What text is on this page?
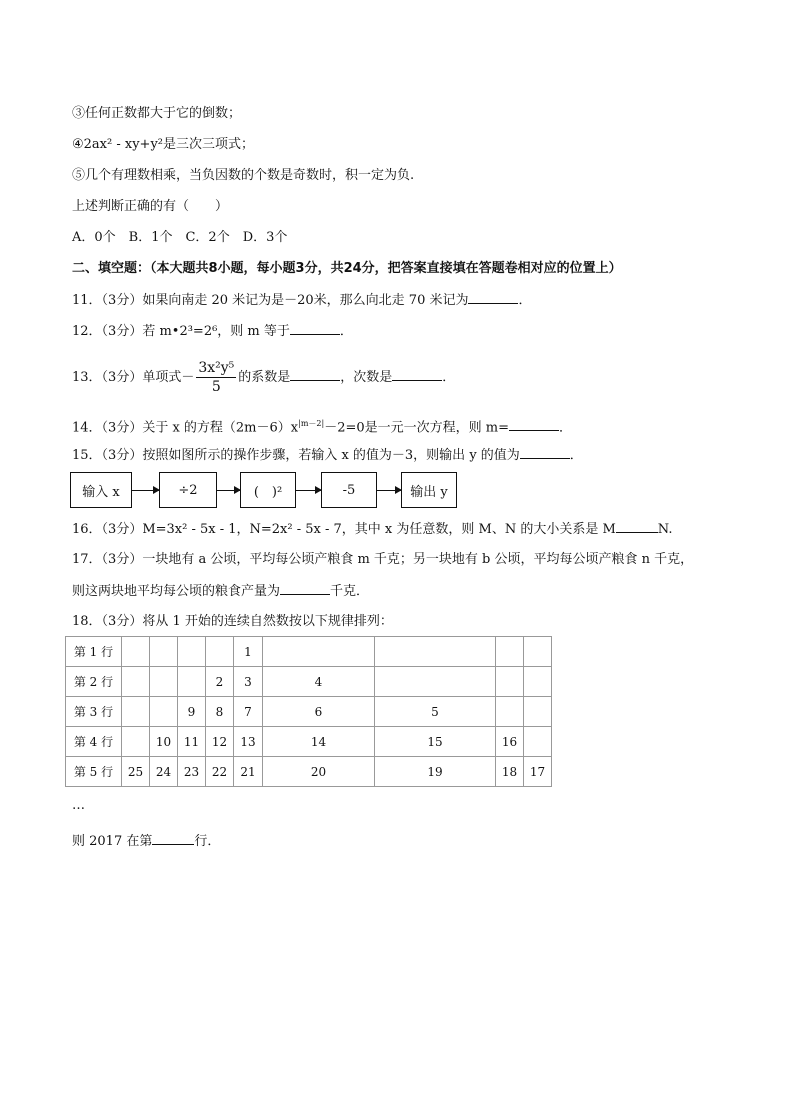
③任何正数都大于它的倒数；
④2ax² - xy+y²是三次三项式；
⑤几个有理数相乘，当负因数的个数是奇数时，积一定为负.
上述判断正确的有（　　）
A．0个　B．1个　C．2个　D．3个
二、填空题：（本大题共8小题，每小题3分，共24分，把答案直接填在答题卷相对应的位置上）
11．（3分）如果向南走 20 米记为是－20米，那么向北走 70 米记为	．
12．（3分）若 m•2³=2⁶，则 m 等于	．
13．（3分）单项式－ $\frac{\text{3x²y⁵}}{5}$ 的系数是	，次数是	．
14．（3分）关于 x 的方程$(2m-6)x^{|m-2|}-2=0$是一元一次方程，则 m=	．
15．（3分）按照如图所示的操作步骤，若输入 x 的值为－3，则输出 y 的值为	．
输入 x	÷2	(　)²	-5	输出 y
16．（3分）M=3x² - 5x - 1，N=2x² - 5x - 7，其中 x 为任意数，则 M、N 的大小关系是 M	N.
17．（3分）一块地有 a 公顷，平均每公顷产粮食 m 千克；另一块地有 b 公顷，平均每公顷产粮食 n 千克，
则这两块地平均每公顷的粮食产量为	千克．
18．（3分）将从 1 开始的连续自然数按以下规律排列：
第 1 行					1				
第 2 行				2	3	4			
第 3 行			9	8	7	6	5		
第 4 行		10	11	12	13	14	15	16	
第 5 行	25	24	23	22	21	20	19	18	17
…
则 2017 在第	行．
